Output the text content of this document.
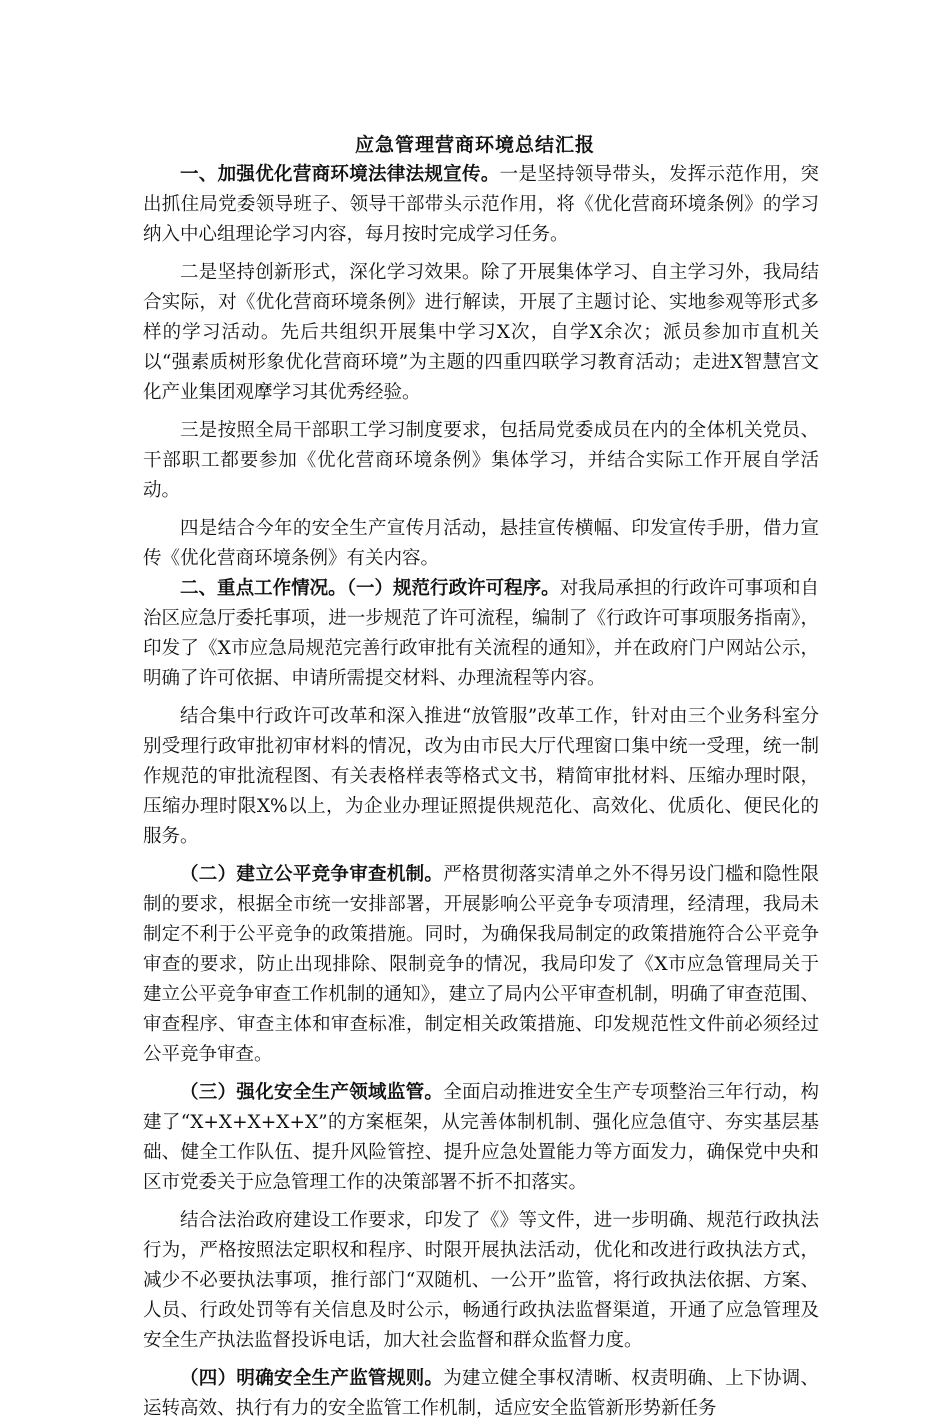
应急管理营商环境总结汇报

一、加强优化营商环境法律法规宣传。一是坚持领导带头，发挥示范作用，突出抓住局党委领导班子、领导干部带头示范作用，将《优化营商环境条例》的学习纳入中心组理论学习内容，每月按时完成学习任务。

二是坚持创新形式，深化学习效果。除了开展集体学习、自主学习外，我局结合实际，对《优化营商环境条例》进行解读，开展了主题讨论、实地参观等形式多样的学习活动。先后共组织开展集中学习X次，自学X余次；派员参加市直机关以“强素质树形象优化营商环境”为主题的四重四联学习教育活动；走进X智慧宫文化产业集团观摩学习其优秀经验。

三是按照全局干部职工学习制度要求，包括局党委成员在内的全体机关党员、干部职工都要参加《优化营商环境条例》集体学习，并结合实际工作开展自学活动。

四是结合今年的安全生产宣传月活动，悬挂宣传横幅、印发宣传手册，借力宣传《优化营商环境条例》有关内容。

二、重点工作情况。（一）规范行政许可程序。对我局承担的行政许可事项和自治区应急厅委托事项，进一步规范了许可流程，编制了《行政许可事项服务指南》，印发了《X市应急局规范完善行政审批有关流程的通知》，并在政府门户网站公示，明确了许可依据、申请所需提交材料、办理流程等内容。

结合集中行政许可改革和深入推进“放管服”改革工作，针对由三个业务科室分别受理行政审批初审材料的情况，改为由市民大厅代理窗口集中统一受理，统一制作规范的审批流程图、有关表格样表等格式文书，精简审批材料、压缩办理时限，压缩办理时限X%以上，为企业办理证照提供规范化、高效化、优质化、便民化的服务。

（二）建立公平竞争审查机制。严格贯彻落实清单之外不得另设门槛和隐性限制的要求，根据全市统一安排部署，开展影响公平竞争专项清理，经清理，我局未制定不利于公平竞争的政策措施。同时，为确保我局制定的政策措施符合公平竞争审查的要求，防止出现排除、限制竞争的情况，我局印发了《X市应急管理局关于建立公平竞争审查工作机制的通知》，建立了局内公平审查机制，明确了审查范围、审查程序、审查主体和审查标准，制定相关政策措施、印发规范性文件前必须经过公平竞争审查。

（三）强化安全生产领域监管。全面启动推进安全生产专项整治三年行动，构建了“X+X+X+X+X”的方案框架，从完善体制机制、强化应急值守、夯实基层基础、健全工作队伍、提升风险管控、提升应急处置能力等方面发力，确保党中央和区市党委关于应急管理工作的决策部署不折不扣落实。

结合法治政府建设工作要求，印发了《》等文件，进一步明确、规范行政执法行为，严格按照法定职权和程序、时限开展执法活动，优化和改进行政执法方式，减少不必要执法事项，推行部门“双随机、一公开”监管，将行政执法依据、方案、人员、行政处罚等有关信息及时公示，畅通行政执法监督渠道，开通了应急管理及安全生产执法监督投诉电话，加大社会监督和群众监督力度。

（四）明确安全生产监管规则。为建立健全事权清晰、权责明确、上下协调、运转高效、执行有力的安全监管工作机制，适应安全监管新形势新任务
